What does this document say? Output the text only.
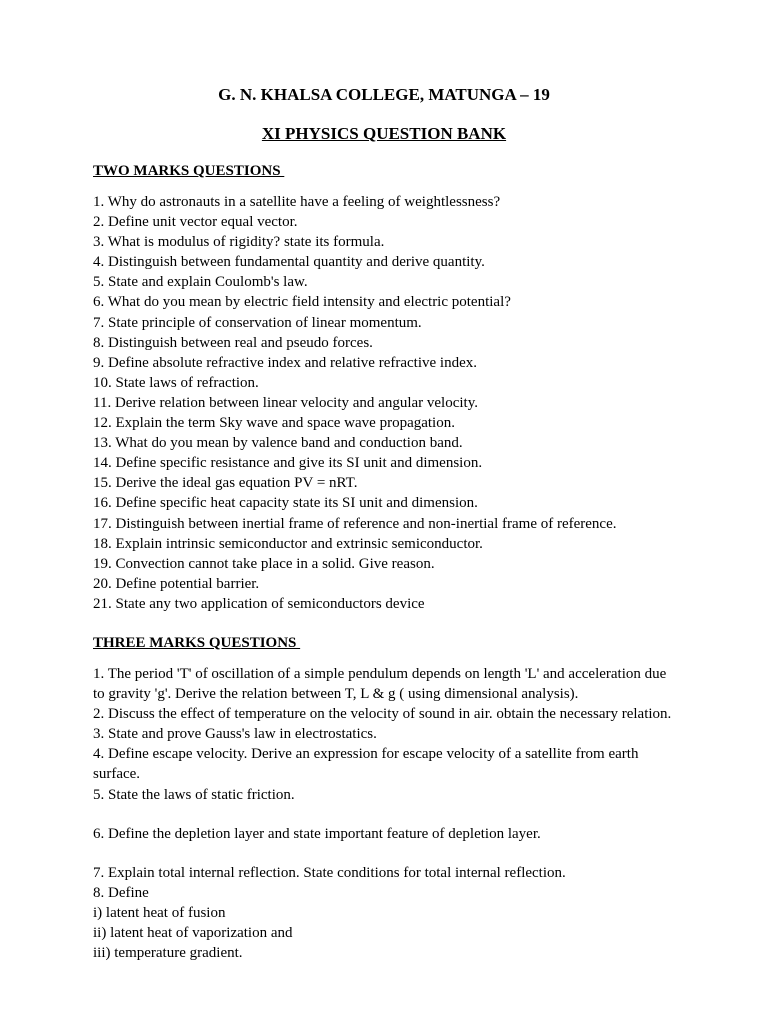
G. N. KHALSA COLLEGE, MATUNGA – 19
XI PHYSICS QUESTION BANK
TWO MARKS QUESTIONS
1. Why do astronauts in a satellite have a feeling of weightlessness?
2. Define unit vector equal vector.
3. What is modulus of rigidity? state its formula.
4. Distinguish between fundamental quantity and derive quantity.
5. State and explain Coulomb's law.
6. What do you mean by electric field intensity and electric potential?
7. State principle of conservation of linear momentum.
8. Distinguish between real and pseudo forces.
9. Define absolute refractive index and relative refractive index.
10. State laws of refraction.
11. Derive relation between linear velocity and angular velocity.
12. Explain the term Sky wave and space wave propagation.
13. What do you mean by valence band and conduction band.
14. Define specific resistance and give its SI unit and dimension.
15. Derive the ideal gas equation PV = nRT.
16. Define specific heat capacity state its SI unit and dimension.
17. Distinguish between inertial frame of reference and non-inertial frame of reference.
18. Explain intrinsic semiconductor and extrinsic semiconductor.
19. Convection cannot take place in a solid. Give reason.
20. Define potential barrier.
21. State any two application of semiconductors device
THREE MARKS QUESTIONS
1. The period 'T' of oscillation of a simple pendulum depends on length 'L' and acceleration due to gravity 'g'. Derive the relation between T, L & g ( using dimensional analysis).
2. Discuss the effect of temperature on the velocity of sound in air. obtain the necessary relation.
3. State and prove Gauss's law in electrostatics.
4. Define escape velocity. Derive an expression for escape velocity of a satellite from earth surface.
5. State the laws of static friction.
6. Define the depletion layer and state important feature of depletion layer.
7. Explain total internal reflection. State conditions for total internal reflection.
8. Define
i) latent heat of fusion
ii) latent heat of vaporization and
iii) temperature gradient.
